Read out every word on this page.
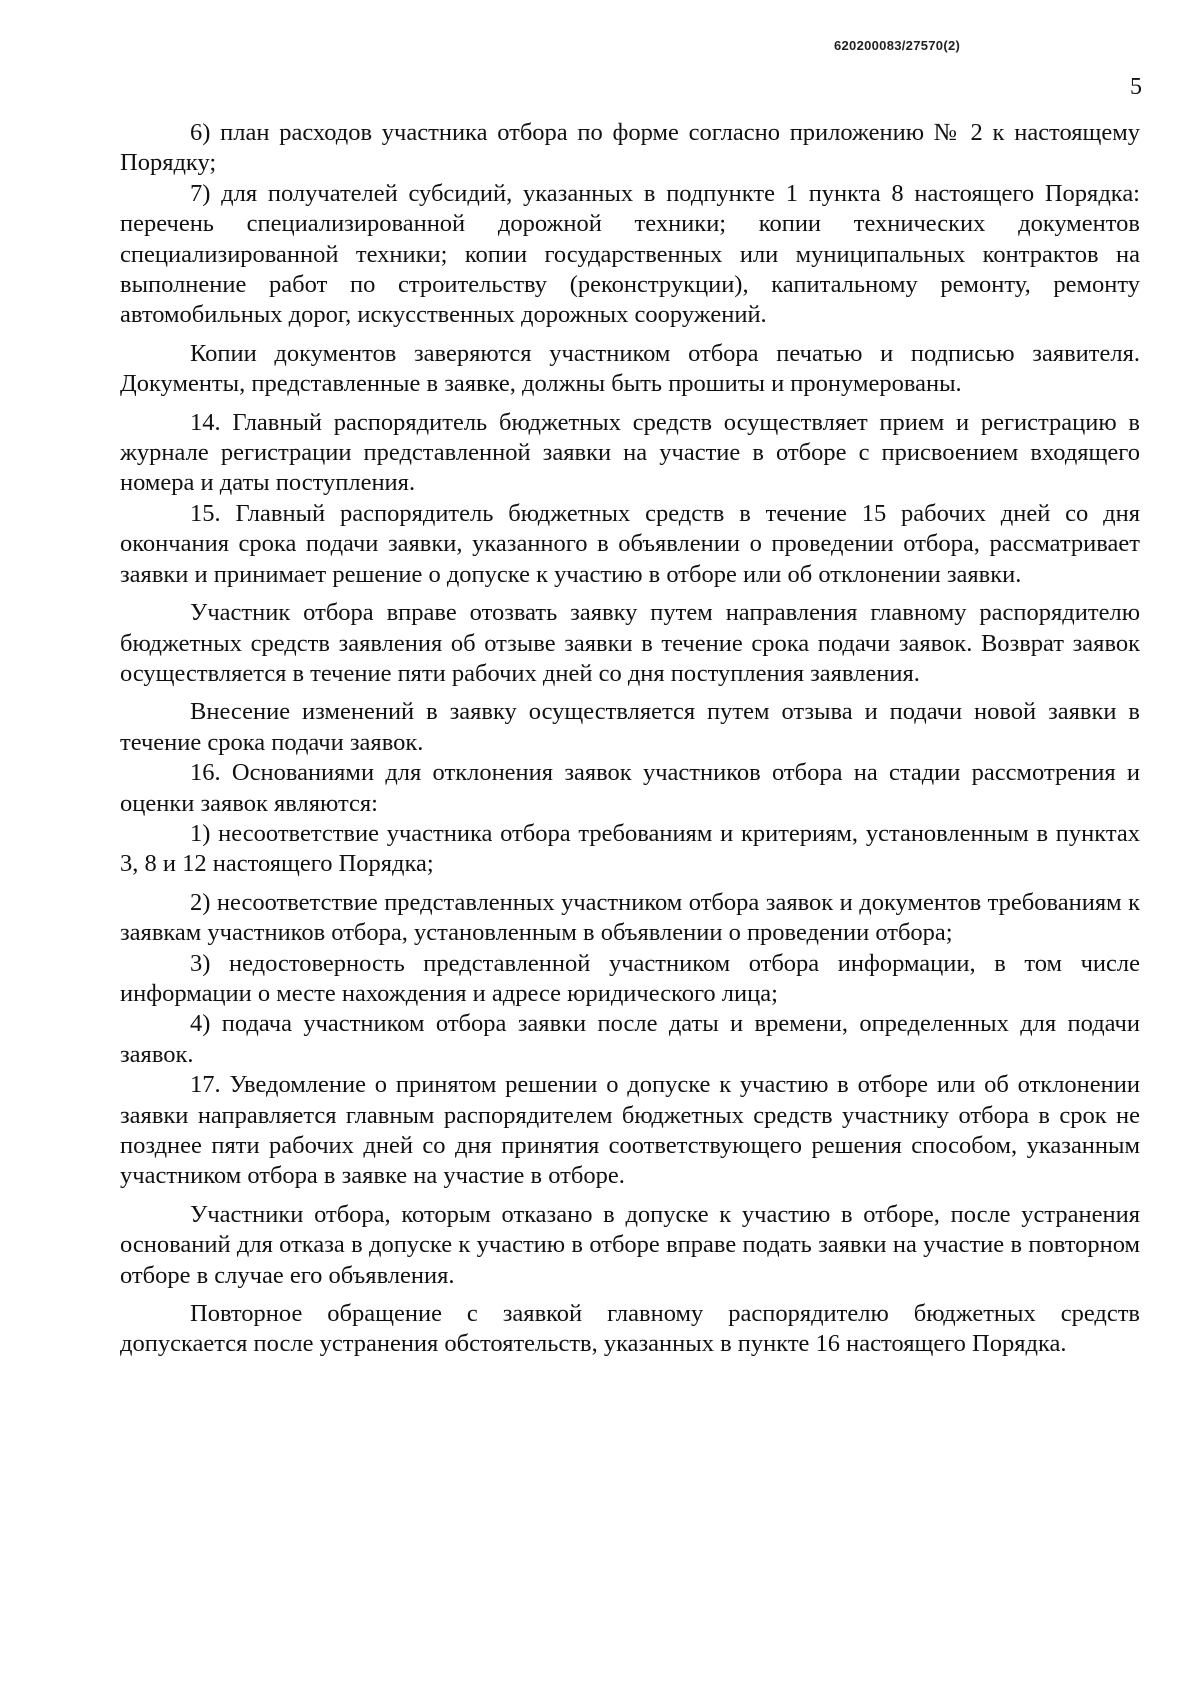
620200083/27570(2)
5

6) план расходов участника отбора по форме согласно приложению № 2 к настоящему Порядку;

7) для получателей субсидий, указанных в подпункте 1 пункта 8 настоящего Порядка: перечень специализированной дорожной техники; копии технических документов специализированной техники; копии государственных или муниципальных контрактов на выполнение работ по строительству (реконструкции), капитальному ремонту, ремонту автомобильных дорог, искусственных дорожных сооружений.

Копии документов заверяются участником отбора печатью и подписью заявителя. Документы, представленные в заявке, должны быть прошиты и пронумерованы.

14. Главный распорядитель бюджетных средств осуществляет прием и регистрацию в журнале регистрации представленной заявки на участие в отборе с присвоением входящего номера и даты поступления.

15. Главный распорядитель бюджетных средств в течение 15 рабочих дней со дня окончания срока подачи заявки, указанного в объявлении о проведении отбора, рассматривает заявки и принимает решение о допуске к участию в отборе или об отклонении заявки.

Участник отбора вправе отозвать заявку путем направления главному распорядителю бюджетных средств заявления об отзыве заявки в течение срока подачи заявок. Возврат заявок осуществляется в течение пяти рабочих дней со дня поступления заявления.

Внесение изменений в заявку осуществляется путем отзыва и подачи новой заявки в течение срока подачи заявок.

16. Основаниями для отклонения заявок участников отбора на стадии рассмотрения и оценки заявок являются:

1) несоответствие участника отбора требованиям и критериям, установленным в пунктах 3, 8 и 12 настоящего Порядка;

2) несоответствие представленных участником отбора заявок и документов требованиям к заявкам участников отбора, установленным в объявлении о проведении отбора;

3) недостоверность представленной участником отбора информации, в том числе информации о месте нахождения и адресе юридического лица;

4) подача участником отбора заявки после даты и времени, определенных для подачи заявок.

17. Уведомление о принятом решении о допуске к участию в отборе или об отклонении заявки направляется главным распорядителем бюджетных средств участнику отбора в срок не позднее пяти рабочих дней со дня принятия соответствующего решения способом, указанным участником отбора в заявке на участие в отборе.

Участники отбора, которым отказано в допуске к участию в отборе, после устранения оснований для отказа в допуске к участию в отборе вправе подать заявки на участие в повторном отборе в случае его объявления.

Повторное обращение с заявкой главному распорядителю бюджетных средств допускается после устранения обстоятельств, указанных в пункте 16 настоящего Порядка.
